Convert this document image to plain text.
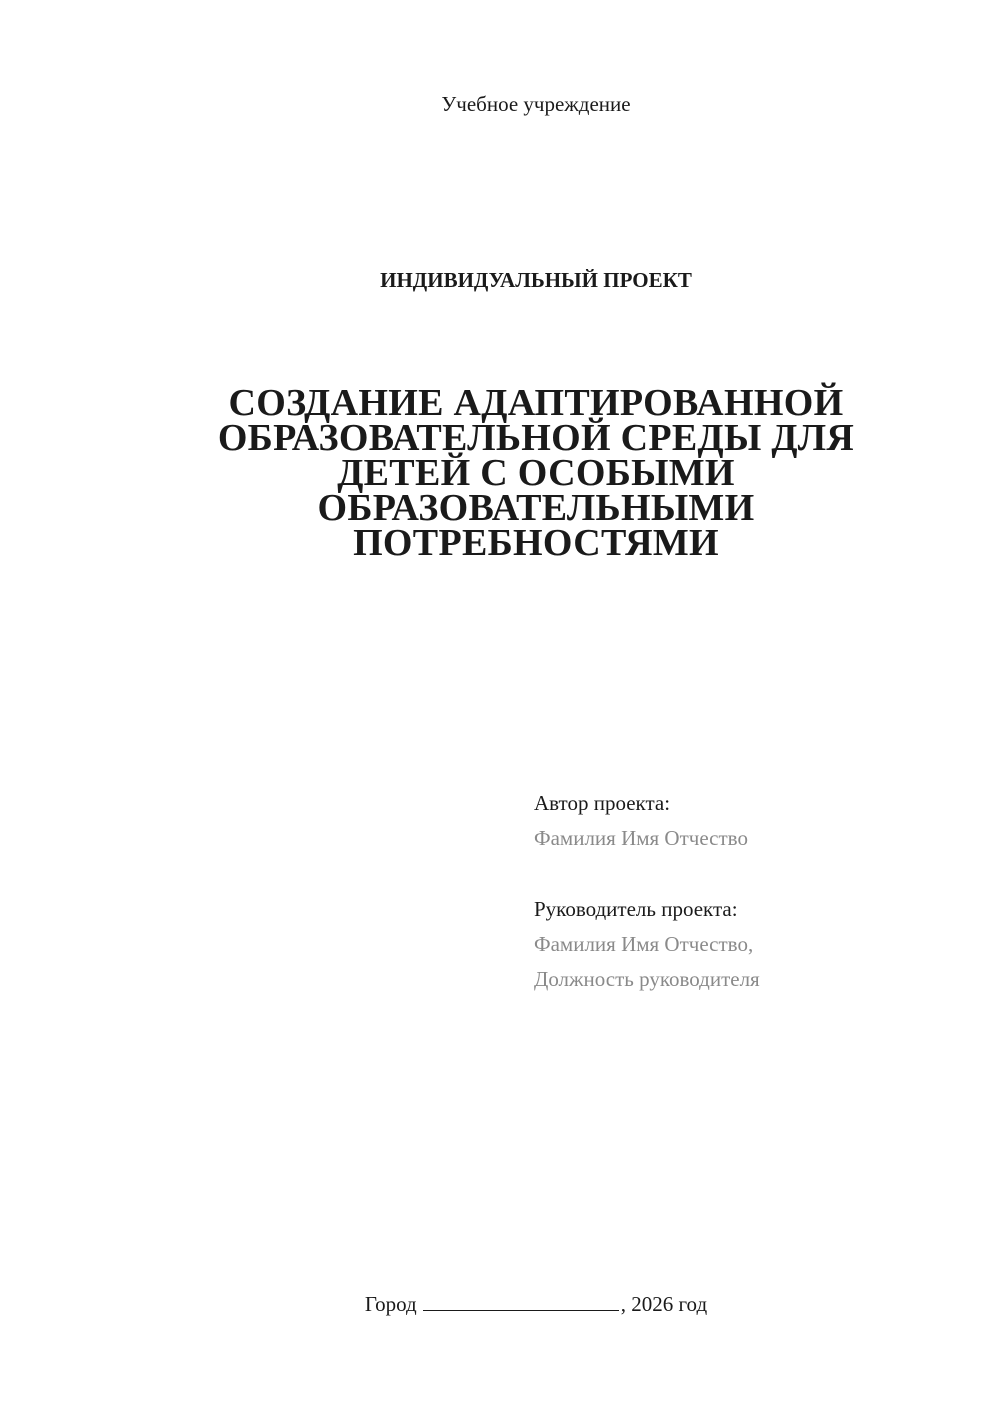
Учебное учреждение
ИНДИВИДУАЛЬНЫЙ ПРОЕКТ
СОЗДАНИЕ АДАПТИРОВАННОЙ
ОБРАЗОВАТЕЛЬНОЙ СРЕДЫ ДЛЯ
ДЕТЕЙ С ОСОБЫМИ
ОБРАЗОВАТЕЛЬНЫМИ
ПОТРЕБНОСТЯМИ
Автор проекта:
Фамилия Имя Отчество
Руководитель проекта:
Фамилия Имя Отчество,
Должность руководителя
Город	, 2026 год
